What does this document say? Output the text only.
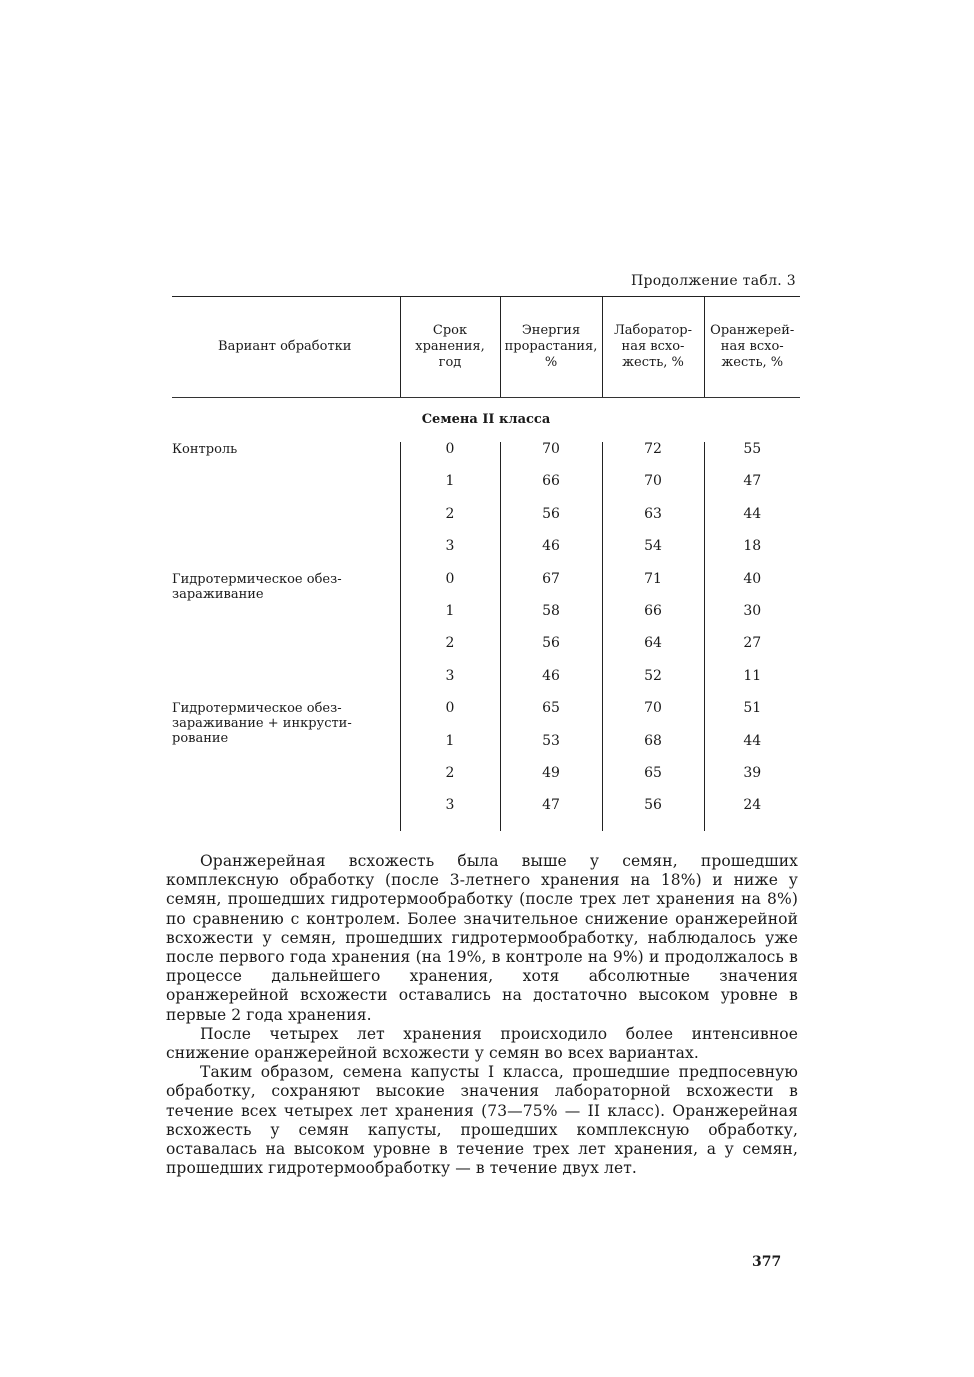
Продолжение табл. 3
Вариант обработки	Срок хранения, год	Энергия прорастания, %	Лабораторная всхожесть, %	Оранжерейная всхожесть, %

Семена II класса				
Контроль	0	70	72	55
	1	66	70	47
	2	56	63	44
	3	46	54	18
Гидротермическое обеззараживание	0	67	71	40
	1	58	66	30
	2	56	64	27
	3	46	52	11
Гидротермическое обеззараживание + инкрустирование	0	65	70	51
	1	53	68	44
	2	49	65	39
	3	47	56	24

Оранжерейная всхожесть была выше у семян, прошедших комплексную обработку (после 3-летнего хранения на 18%) и ниже у семян, прошедших гидротермообработку (после трех лет хранения на 8%) по сравнению с контролем. Более значительное снижение оранжерейной всхожести у семян, прошедших гидротермообработку, наблюдалось уже после первого года хранения (на 19%, в контроле на 9%) и продолжалось в процессе дальнейшего хранения, хотя абсолютные значения оранжерейной всхожести оставались на достаточно высоком уровне в первые 2 года хранения.

После четырех лет хранения происходило более интенсивное снижение оранжерейной всхожести у семян во всех вариантах.

Таким образом, семена капусты I класса, прошедшие предпосевную обработку, сохраняют высокие значения лабораторной всхожести в течение всех четырех лет хранения (73—75% — II класс). Оранжерейная всхожесть у семян капусты, прошедших комплексную обработку, оставалась на высоком уровне в течение трех лет хранения, а у семян, прошедших гидротермообработку — в течение двух лет.

377
